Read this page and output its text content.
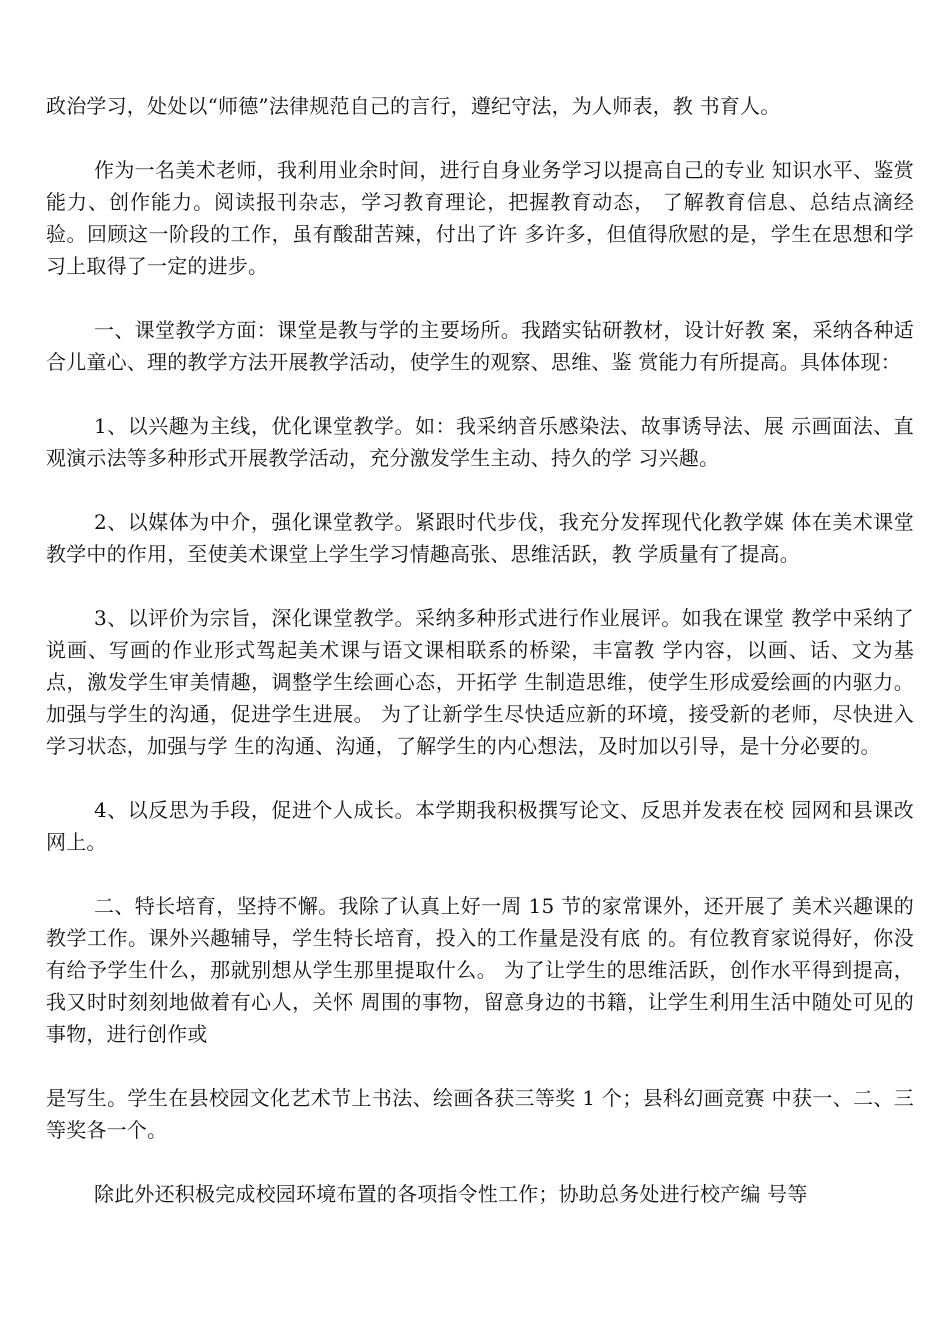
政治学习，处处以“师德”法律规范自己的言行，遵纪守法，为人师表，教 书育人。

作为一名美术老师，我利用业余时间，进行自身业务学习以提高自己的专业 知识水平、鉴赏能力、创作能力。阅读报刊杂志，学习教育理论，把握教育动态， 了解教育信息、总结点滴经验。回顾这一阶段的工作，虽有酸甜苦辣，付出了许 多许多，但值得欣慰的是，学生在思想和学习上取得了一定的进步。

一、课堂教学方面：课堂是教与学的主要场所。我踏实钻研教材，设计好教 案，采纳各种适合儿童心、理的教学方法开展教学活动，使学生的观察、思维、鉴 赏能力有所提高。具体体现：

1、以兴趣为主线，优化课堂教学。如：我采纳音乐感染法、故事诱导法、展 示画面法、直观演示法等多种形式开展教学活动，充分激发学生主动、持久的学 习兴趣。

2、以媒体为中介，强化课堂教学。紧跟时代步伐，我充分发挥现代化教学媒 体在美术课堂教学中的作用，至使美术课堂上学生学习情趣高张、思维活跃，教 学质量有了提高。

3、以评价为宗旨，深化课堂教学。采纳多种形式进行作业展评。如我在课堂 教学中采纳了说画、写画的作业形式驾起美术课与语文课相联系的桥梁，丰富教 学内容，以画、话、文为基点，激发学生审美情趣，调整学生绘画心态，开拓学 生制造思维，使学生形成爱绘画的内驱力。加强与学生的沟通，促进学生进展。 为了让新学生尽快适应新的环境，接受新的老师，尽快进入学习状态，加强与学 生的沟通、沟通，了解学生的内心想法，及时加以引导，是十分必要的。

4、以反思为手段，促进个人成长。本学期我积极撰写论文、反思并发表在校 园网和县课改网上。

二、特长培育，坚持不懈。我除了认真上好一周 15 节的家常课外，还开展了 美术兴趣课的教学工作。课外兴趣辅导，学生特长培育，投入的工作量是没有底 的。有位教育家说得好，你没有给予学生什么，那就别想从学生那里提取什么。 为了让学生的思维活跃，创作水平得到提高，我又时时刻刻地做着有心人，关怀 周围的事物，留意身边的书籍，让学生利用生活中随处可见的事物，进行创作或

是写生。学生在县校园文化艺术节上书法、绘画各获三等奖 1 个；县科幻画竞赛 中获一、二、三等奖各一个。

除此外还积极完成校园环境布置的各项指令性工作；协助总务处进行校产编 号等
